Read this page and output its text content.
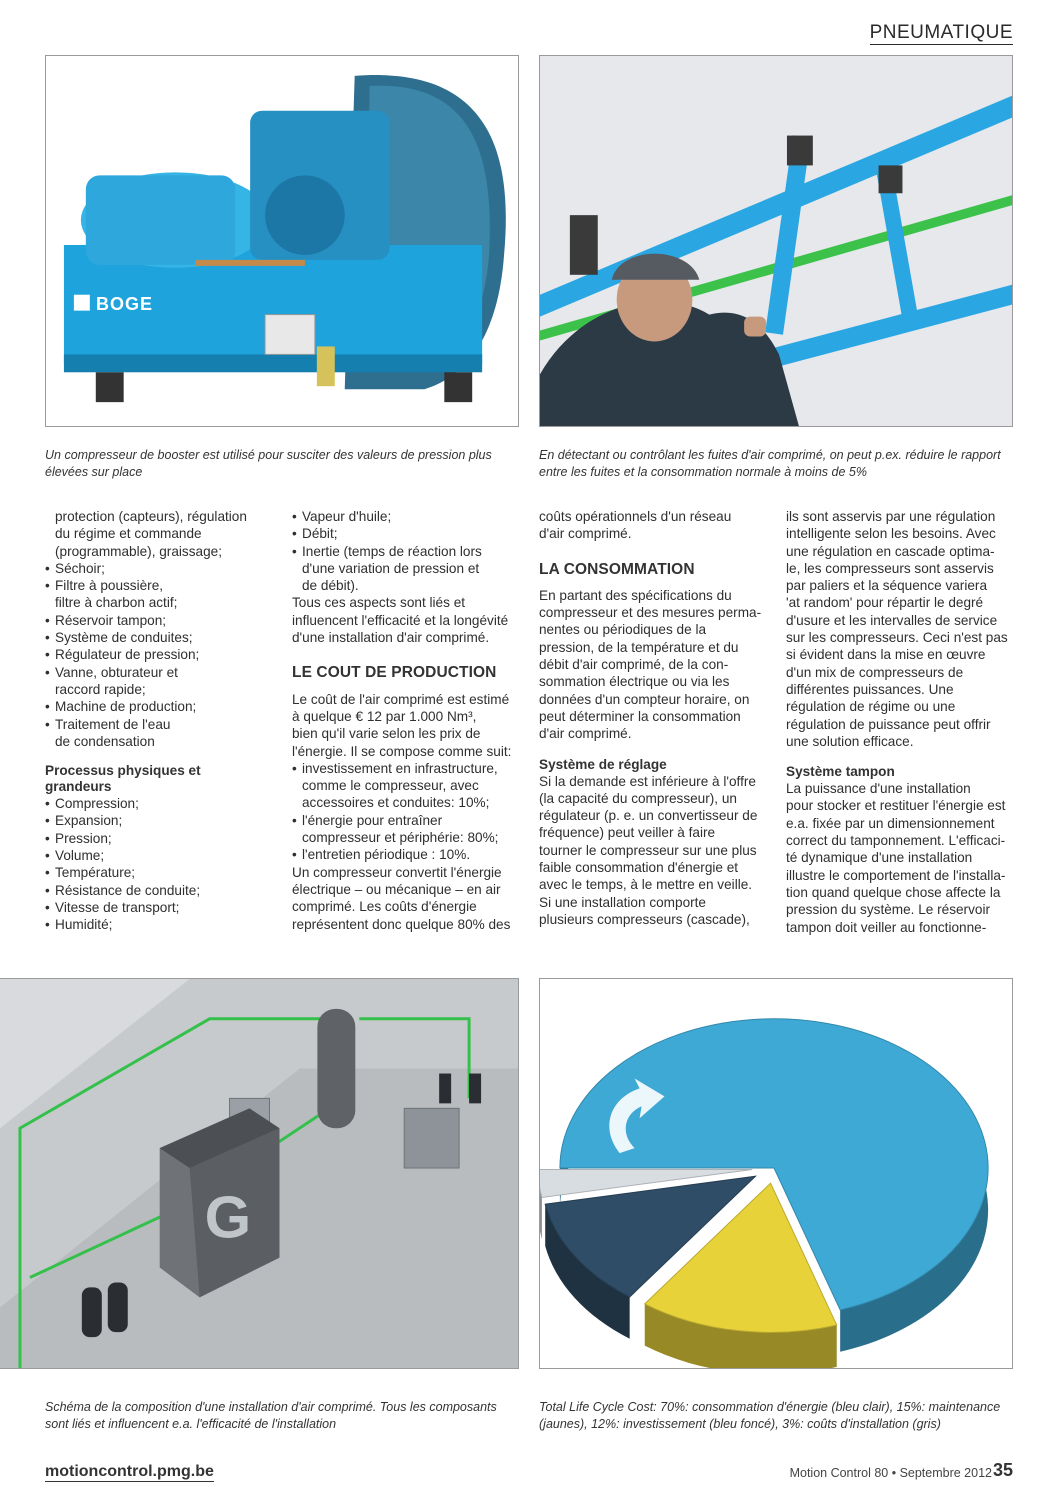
PNEUMATIQUE
BOGE
Un compresseur de booster est utilisé pour susciter des valeurs de pression plus élevées sur place
En détectant ou contrôlant les fuites d'air comprimé, on peut p.ex. réduire le rapport entre les fuites et la consommation normale à moins de 5%

protection (capteurs), régulation

du régime et commande

(programmable), graissage;

• Séchoir;
• Filtre à poussière,
filtre à charbon actif;
• Réservoir tampon;
• Système de conduites;
• Régulateur de pression;
• Vanne, obturateur et
raccord rapide;
• Machine de production;
• Traitement de l'eau
de condensation
Processus physiques et grandeurs
• Compression;
• Expansion;
• Pression;
• Volume;
• Température;
• Résistance de conduite;
• Vitesse de transport;
• Humidité;
• Vapeur d'huile;
• Débit;
• Inertie (temps de réaction lors
d'une variation de pression et
de débit).

Tous ces aspects sont liés et

influencent l'efficacité et la longévité

d'une installation d'air comprimé.

LE COUT DE PRODUCTION

Le coût de l'air comprimé est estimé

à quelque € 12 par 1.000 Nm³,

bien qu'il varie selon les prix de

l'énergie. Il se compose comme suit:

• investissement en infrastructure,
comme le compresseur, avec
accessoires et conduites: 10%;
• l'énergie pour entraîner
compresseur et périphérie: 80%;
• l'entretien périodique : 10%.

Un compresseur convertit l'énergie

électrique – ou mécanique – en air

comprimé. Les coûts d'énergie

représentent donc quelque 80% des

coûts opérationnels d'un réseau

d'air comprimé.

LA CONSOMMATION

En partant des spécifications du

compresseur et des mesures perma-

nentes ou périodiques de la

pression, de la température et du

débit d'air comprimé, de la con-

sommation électrique ou via les

données d'un compteur horaire, on

peut déterminer la consommation

d'air comprimé.

Système de réglage

Si la demande est inférieure à l'offre

(la capacité du compresseur), un

régulateur (p. e. un convertisseur de

fréquence) peut veiller à faire

tourner le compresseur sur une plus

faible consommation d'énergie et

avec le temps, à le mettre en veille.

Si une installation comporte

plusieurs compresseurs (cascade),

ils sont asservis par une régulation

intelligente selon les besoins. Avec

une régulation en cascade optima-

le, les compresseurs sont asservis

par paliers et la séquence variera

'at random' pour répartir le degré

d'usure et les intervalles de service

sur les compresseurs. Ceci n'est pas

si évident dans la mise en œuvre

d'un mix de compresseurs de

différentes puissances. Une

régulation de régime ou une

régulation de puissance peut offrir

une solution efficace.

Système tampon

La puissance d'une installation

pour stocker et restituer l'énergie est

e.a. fixée par un dimensionnement

correct du tamponnement. L'efficaci-

té dynamique d'une installation

illustre le comportement de l'installa-

tion quand quelque chose affecte la

pression du système. Le réservoir

tampon doit veiller au fonctionne-

G
Schéma de la composition d'une installation d'air comprimé. Tous les composants sont liés et influencent e.a. l'efficacité de l'installation
Total Life Cycle Cost: 70%: consommation d'énergie (bleu clair), 15%: maintenance (jaunes), 12%: investissement (bleu foncé), 3%: coûts d'installation (gris)
motioncontrol.pmg.be	Motion Control 80 • Septembre 2012 35
